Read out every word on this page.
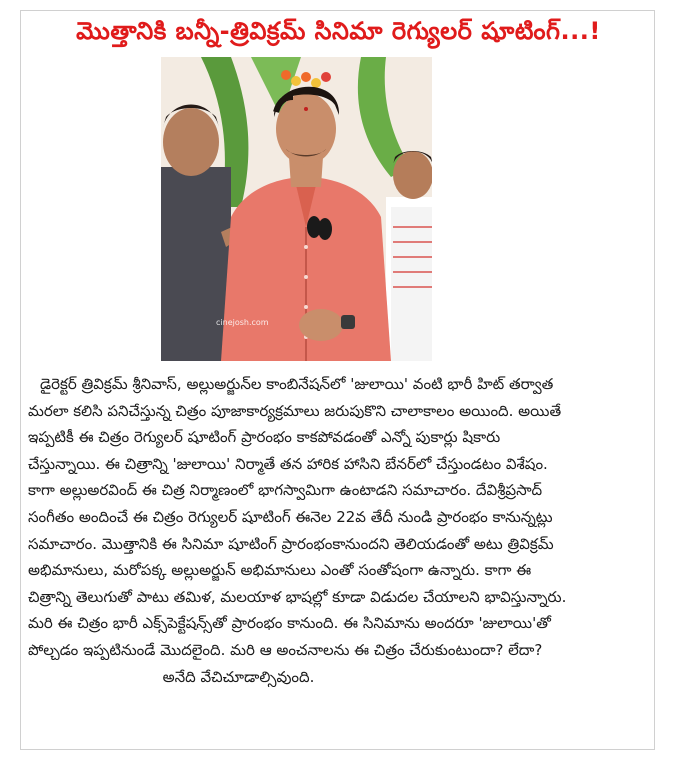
మొత్తానికి బన్నీ-త్రివిక్రమ్ సినిమా రెగ్యులర్ షూటింగ్...!
cinejosh.com
డైరెక్టర్ త్రివిక్రమ్ శ్రీనివాస్, అల్లుఅర్జున్‌ల కాంబినేషన్‌లో 'జులాయి' వంటి భారీ హిట్ తర్వాత
మరలా కలిసి పనిచేస్తున్న చిత్రం పూజాకార్యక్రమాలు జరుపుకొని చాలాకాలం అయింది. అయితే
ఇప్పటికీ ఈ చిత్రం రెగ్యులర్ షూటింగ్ ప్రారంభం కాకపోవడంతో ఎన్నో పుకార్లు షికారు
చేస్తున్నాయి. ఈ చిత్రాన్ని 'జులాయి' నిర్మాతే తన హారిక హాసిని బేనర్‌లో చేస్తుండటం విశేషం.
కాగా అల్లుఅరవింద్ ఈ చిత్ర నిర్మాణంలో భాగస్వామిగా ఉంటాడని సమాచారం. దేవిశ్రీప్రసాద్
సంగీతం అందించే ఈ చిత్రం రెగ్యులర్ షూటింగ్ ఈనెల 22వ తేదీ నుండి ప్రారంభం కానున్నట్లు
సమాచారం. మొత్తానికి ఈ సినిమా షూటింగ్ ప్రారంభంకానుందని తెలియడంతో అటు త్రివిక్రమ్
అభిమానులు, మరోపక్క అల్లుఅర్జున్ అభిమానులు ఎంతో సంతోషంగా ఉన్నారు. కాగా ఈ
చిత్రాన్ని తెలుగుతో పాటు తమిళ, మలయాళ భాషల్లో కూడా విడుదల చేయాలని భావిస్తున్నారు.
మరి ఈ చిత్రం భారీ ఎక్స్‌పెక్టేషన్స్‌తో ప్రారంభం కానుంది. ఈ సినిమాను అందరూ 'జులాయి'తో
పోల్చడం ఇప్పటినుండే మొదలైంది. మరి ఆ అంచనాలను ఈ చిత్రం చేరుకుంటుందా? లేదా?
అనేది వేచిచూడాల్సివుంది.
